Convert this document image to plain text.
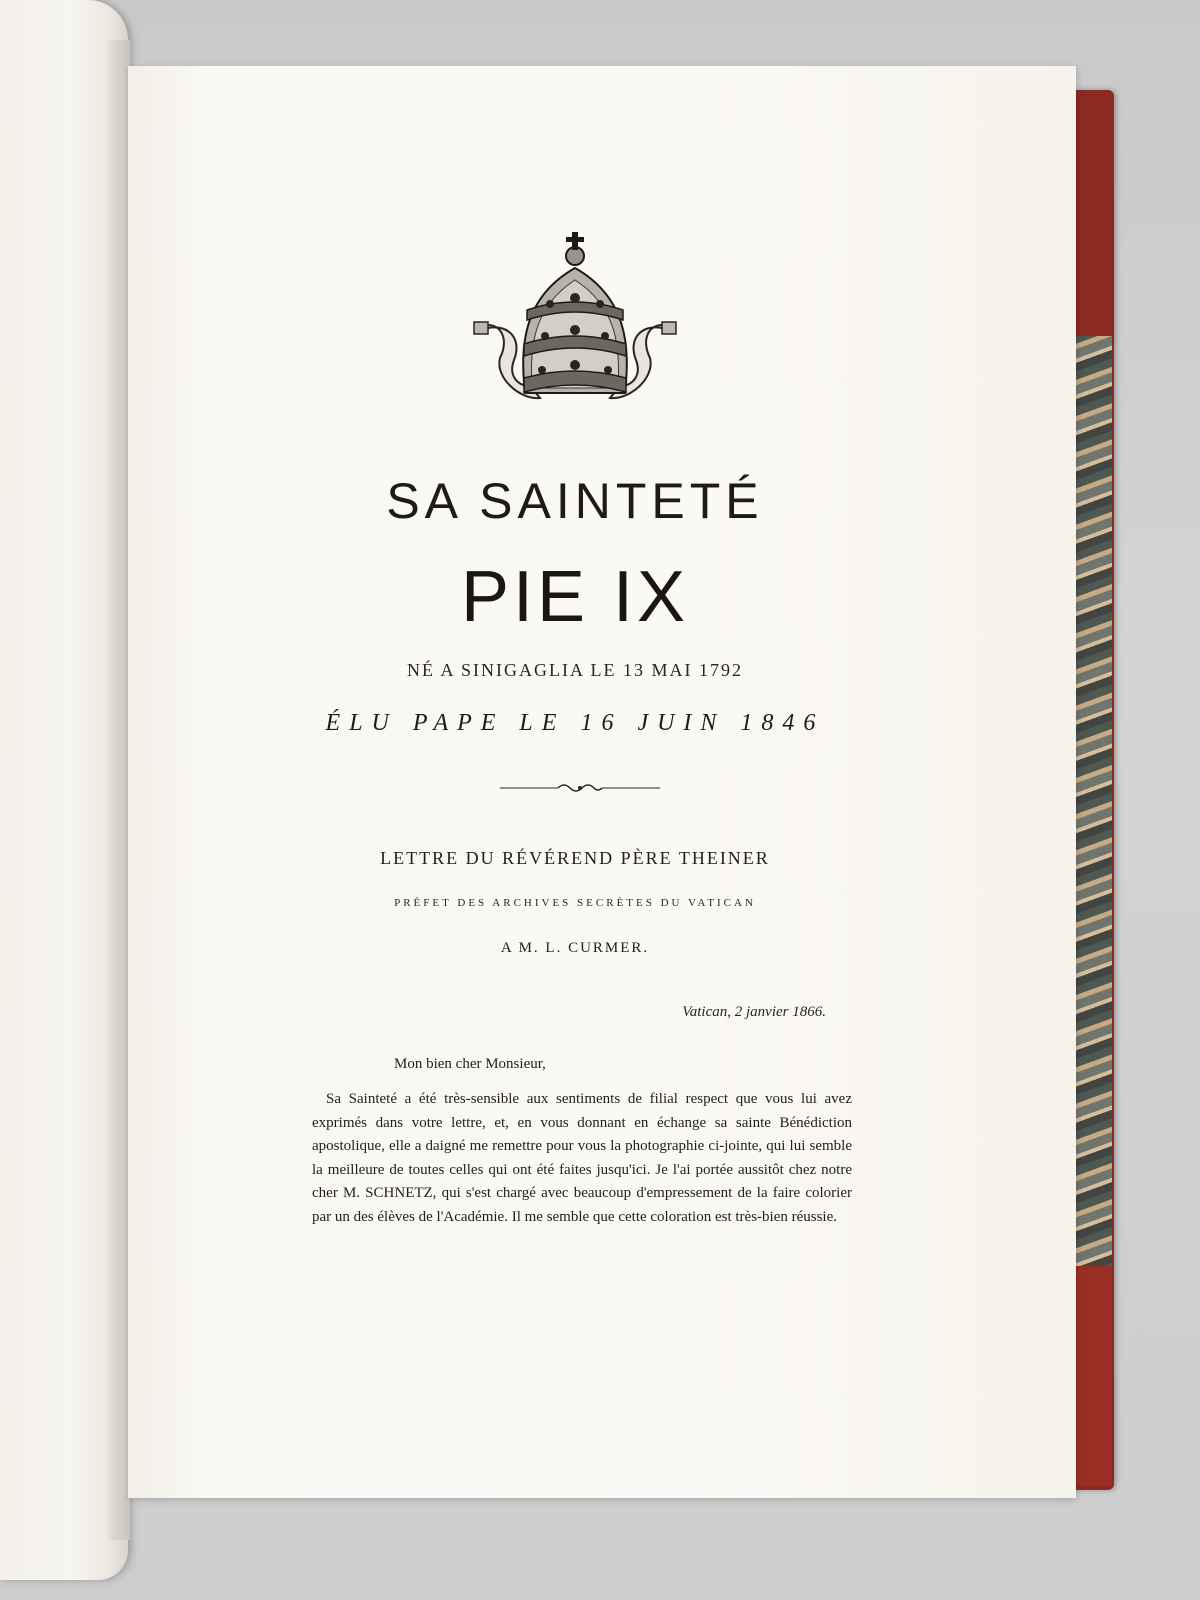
SA SAINTETÉ
PIE IX
NÉ A SINIGAGLIA LE 13 MAI 1792
ÉLU PAPE LE 16 JUIN 1846
LETTRE DU RÉVÉREND PÈRE THEINER
PRÉFET DES ARCHIVES SECRÈTES DU VATICAN
A M. L. CURMER.
Vatican, 2 janvier 1866.
Mon bien cher Monsieur,
Sa Sainteté a été très-sensible aux sentiments de filial respect que vous lui avez exprimés dans votre lettre, et, en vous donnant en échange sa sainte Bénédiction apostolique, elle a daigné me remettre pour vous la photographie ci-jointe, qui lui semble la meilleure de toutes celles qui ont été faites jusqu'ici. Je l'ai portée aussitôt chez notre cher M. SCHNETZ, qui s'est chargé avec beaucoup d'empressement de la faire colorier par un des élèves de l'Académie. Il me semble que cette coloration est très-bien réussie.
